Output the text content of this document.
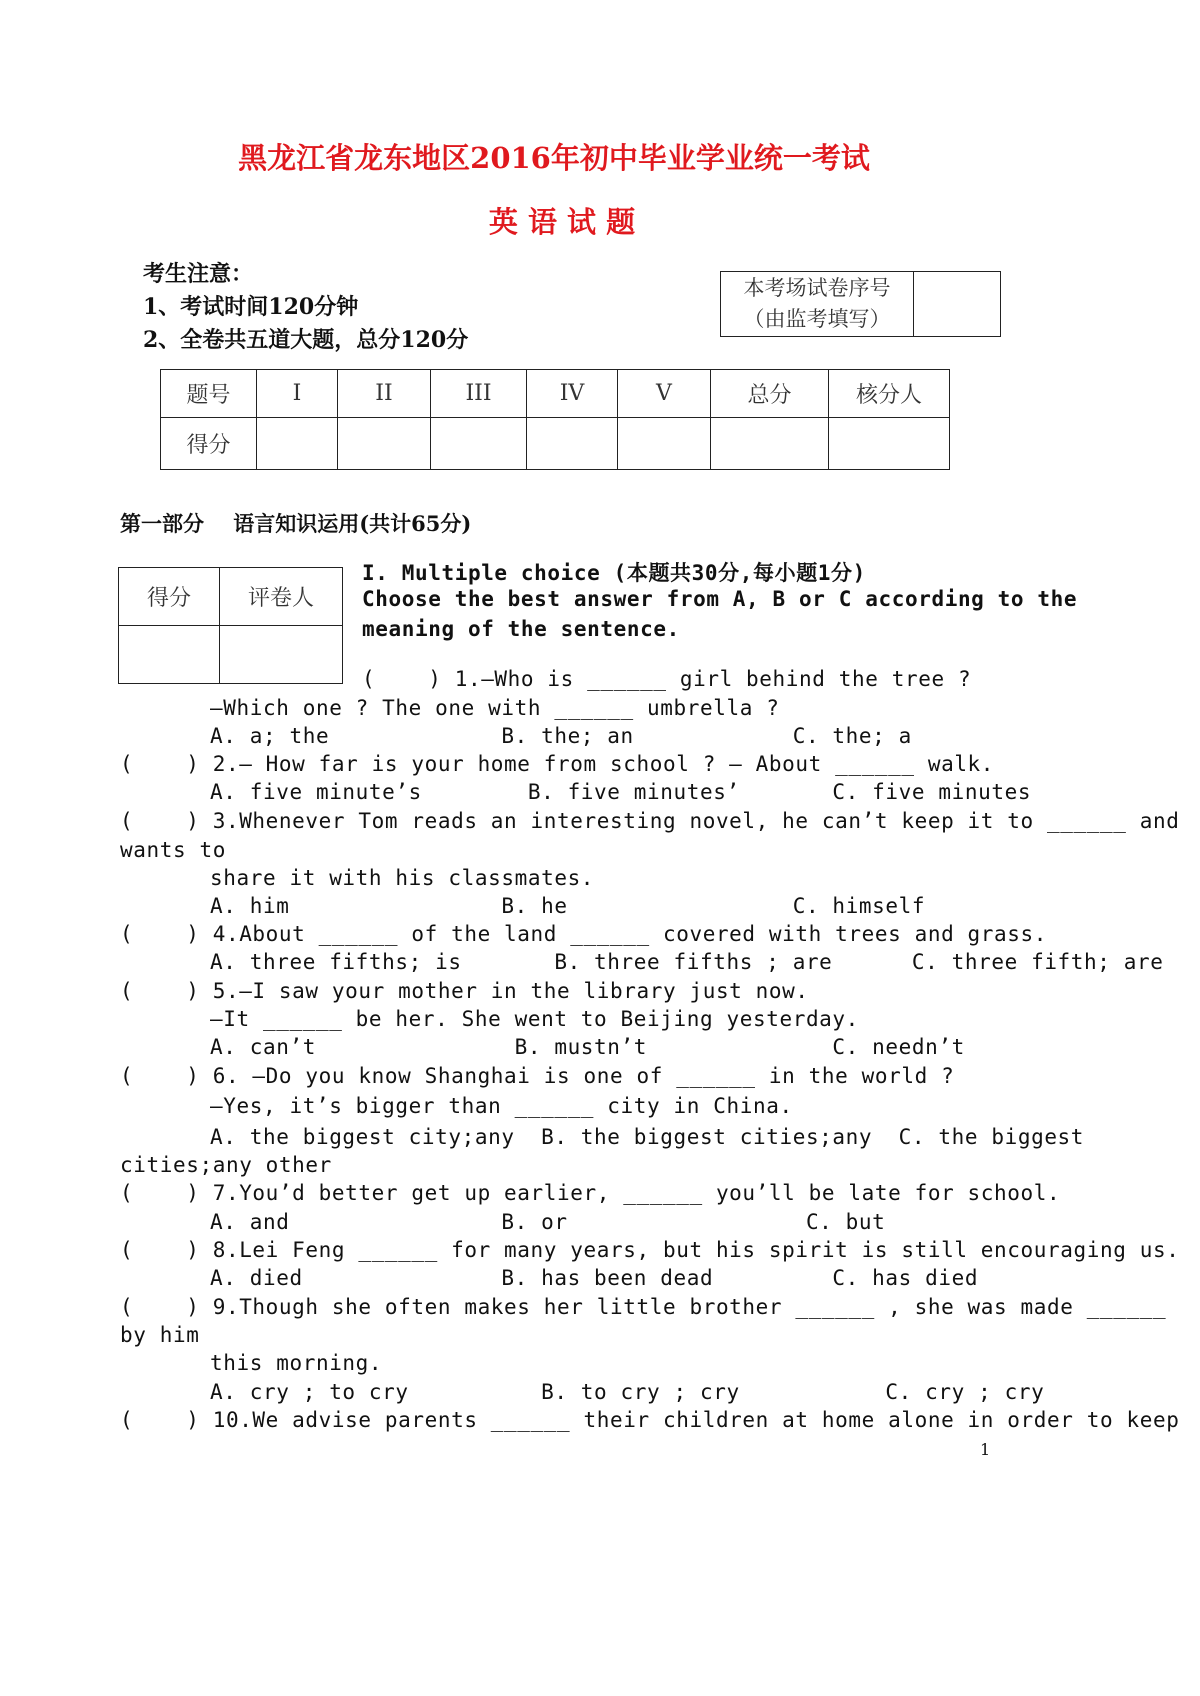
黑龙江省龙东地区2016年初中毕业学业统一考试
英 语 试 题
考生注意：
1、考试时间120分钟
2、全卷共五道大题，总分120分
本考场试卷序号
（由监考填写）

题号	I	II	III	IV	V	总分	核分人
得分							
第一部分    语言知识运用(共计65分)
得分	评卷人

I. Multiple choice (本题共30分,每小题1分)
Choose the best answer from A, B or C according to the
meaning of the sentence.
(    ) 1.—Who is ______ girl behind the tree ?
—Which one ? The one with ______ umbrella ?
A. a; the             B. the; an            C. the; a
(    ) 2.— How far is your home from school ? — About ______ walk.
A. five minute’s        B. five minutes’       C. five minutes
(    ) 3.Whenever Tom reads an interesting novel, he can’t keep it to ______ and
wants to
share it with his classmates.
A. him                B. he                 C. himself
(    ) 4.About ______ of the land ______ covered with trees and grass.
A. three fifths; is       B. three fifths ; are      C. three fifth; are
(    ) 5.—I saw your mother in the library just now.
—It ______ be her. She went to Beijing yesterday.
A. can’t               B. mustn’t              C. needn’t
(    ) 6. —Do you know Shanghai is one of ______ in the world ?
—Yes, it’s bigger than ______ city in China.
A. the biggest city;any  B. the biggest cities;any  C. the biggest
cities;any other
(    ) 7.You’d better get up earlier, ______ you’ll be late for school.
A. and                B. or                  C. but
(    ) 8.Lei Feng ______ for many years, but his spirit is still encouraging us.
A. died               B. has been dead         C. has died
(    ) 9.Though she often makes her little brother ______ , she was made ______
by him
this morning.
A. cry ; to cry          B. to cry ; cry           C. cry ; cry
(    ) 10.We advise parents ______ their children at home alone in order to keep
1
